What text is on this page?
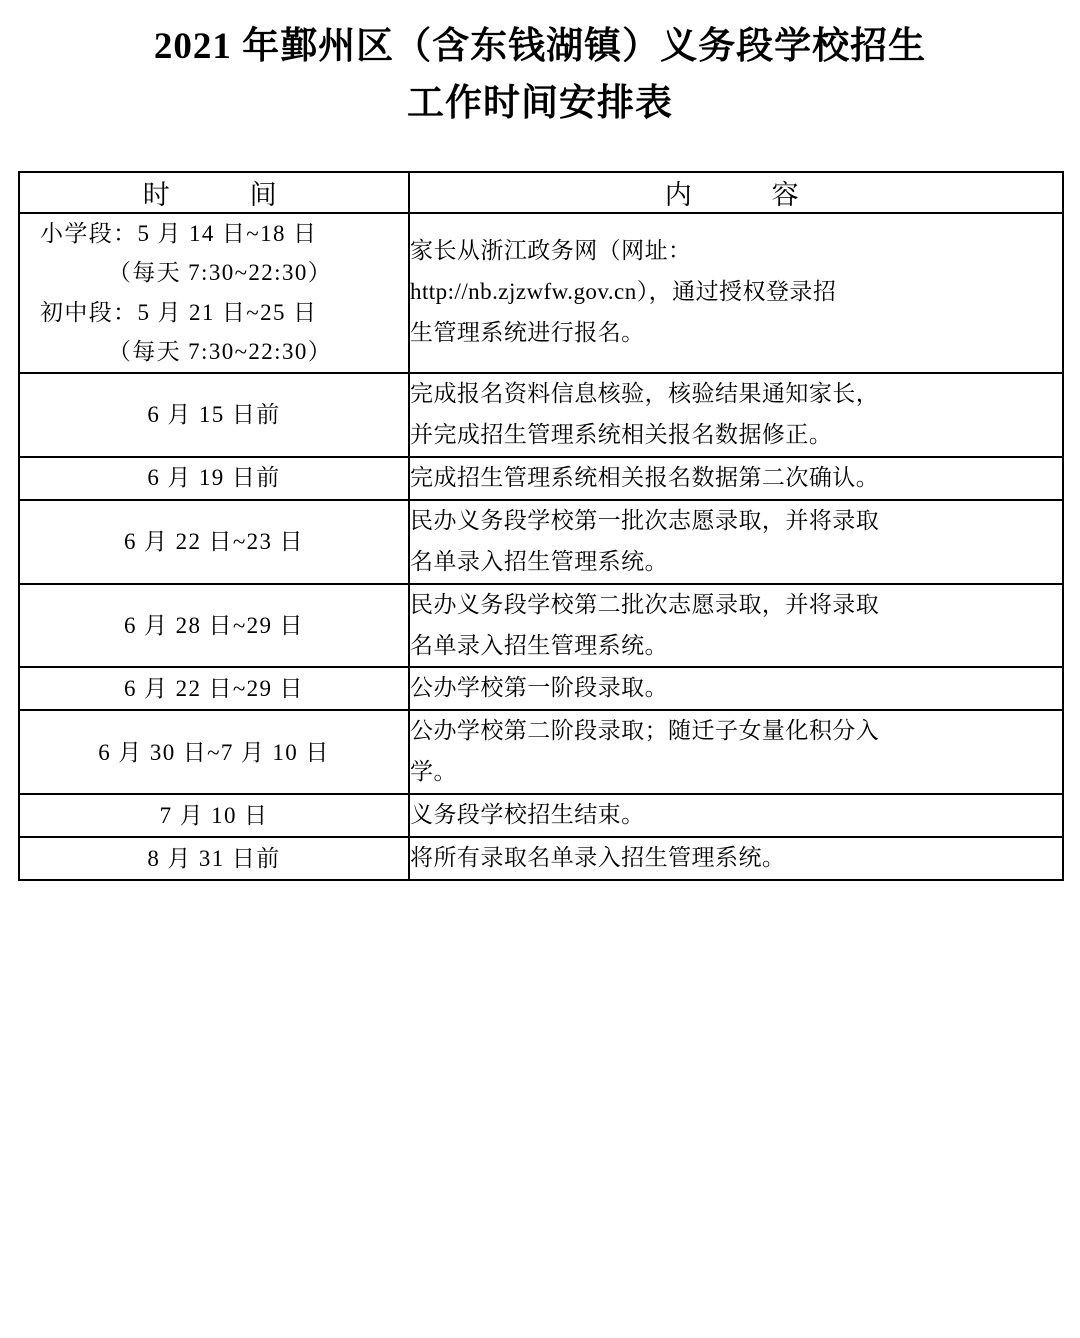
2021 年鄞州区（含东钱湖镇）义务段学校招生
工作时间安排表
时　　间	内　　容

小学段：5 月 14 日~18 日
（每天 7:30~22:30）
初中段：5 月 21 日~25 日
（每天 7:30~22:30）	家长从浙江政务网（网址：
http://nb.zjzwfw.gov.cn），通过授权登录招
生管理系统进行报名。

6 月 15 日前	完成报名资料信息核验，核验结果通知家长，
并完成招生管理系统相关报名数据修正。

6 月 19 日前	完成招生管理系统相关报名数据第二次确认。

6 月 22 日~23 日	民办义务段学校第一批次志愿录取，并将录取
名单录入招生管理系统。

6 月 28 日~29 日	民办义务段学校第二批次志愿录取，并将录取
名单录入招生管理系统。

6 月 22 日~29 日	公办学校第一阶段录取。

6 月 30 日~7 月 10 日	公办学校第二阶段录取；随迁子女量化积分入
学。

7 月 10 日	义务段学校招生结束。

8 月 31 日前	将所有录取名单录入招生管理系统。
